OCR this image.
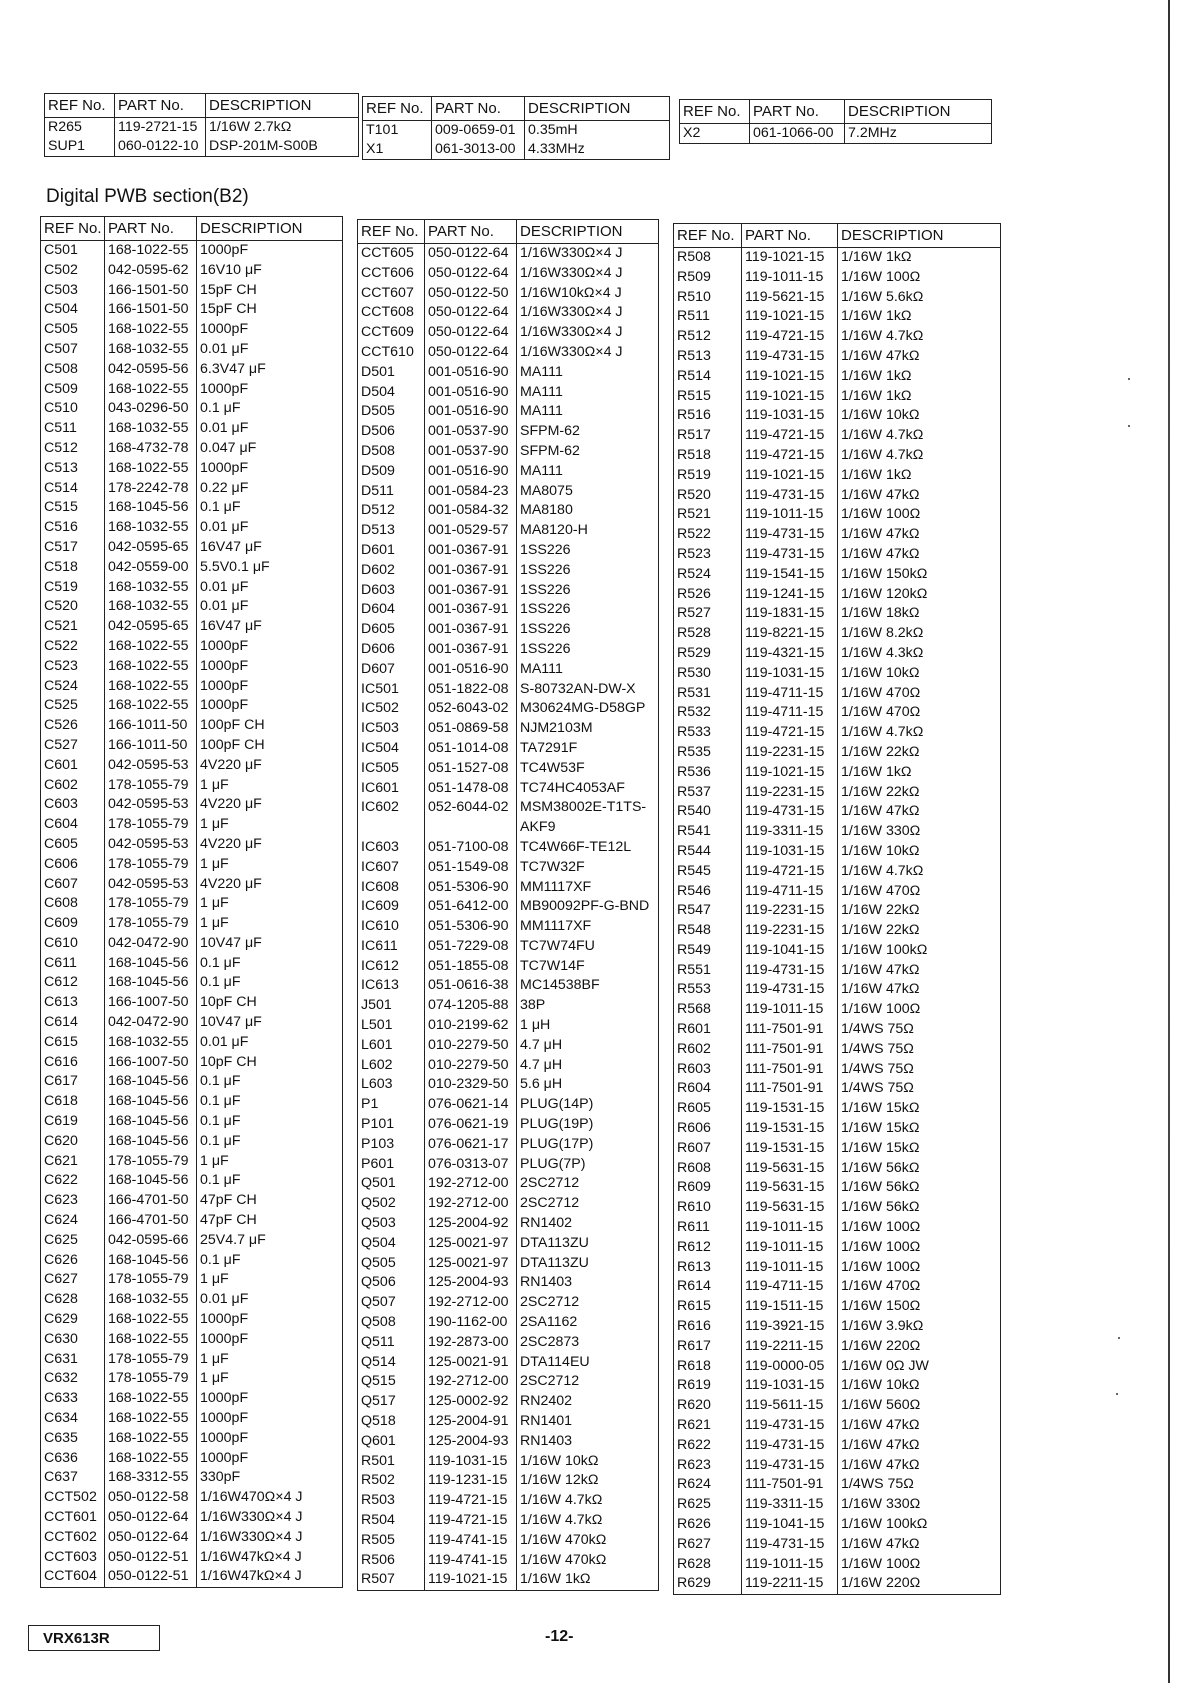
REF No.	PART No.	DESCRIPTION
R265	119-2721-15	1/16W 2.7kΩ
SUP1	060-0122-10	DSP-201M-S00B
REF No.	PART No.	DESCRIPTION
T101	009-0659-01	0.35mH
X1	061-3013-00	4.33MHz
REF No.	PART No.	DESCRIPTION
X2	061-1066-00	7.2MHz
Digital PWB section(B2)
REF No.	PART No.	DESCRIPTION
C501	168-1022-55	1000pF
C502	042-0595-62	16V10 μF
C503	166-1501-50	15pF CH
C504	166-1501-50	15pF CH
C505	168-1022-55	1000pF
C507	168-1032-55	0.01 μF
C508	042-0595-56	6.3V47 μF
C509	168-1022-55	1000pF
C510	043-0296-50	0.1 μF
C511	168-1032-55	0.01 μF
C512	168-4732-78	0.047 μF
C513	168-1022-55	1000pF
C514	178-2242-78	0.22 μF
C515	168-1045-56	0.1 μF
C516	168-1032-55	0.01 μF
C517	042-0595-65	16V47 μF
C518	042-0559-00	5.5V0.1 μF
C519	168-1032-55	0.01 μF
C520	168-1032-55	0.01 μF
C521	042-0595-65	16V47 μF
C522	168-1022-55	1000pF
C523	168-1022-55	1000pF
C524	168-1022-55	1000pF
C525	168-1022-55	1000pF
C526	166-1011-50	100pF CH
C527	166-1011-50	100pF CH
C601	042-0595-53	4V220 μF
C602	178-1055-79	1 μF
C603	042-0595-53	4V220 μF
C604	178-1055-79	1 μF
C605	042-0595-53	4V220 μF
C606	178-1055-79	1 μF
C607	042-0595-53	4V220 μF
C608	178-1055-79	1 μF
C609	178-1055-79	1 μF
C610	042-0472-90	10V47 μF
C611	168-1045-56	0.1 μF
C612	168-1045-56	0.1 μF
C613	166-1007-50	10pF CH
C614	042-0472-90	10V47 μF
C615	168-1032-55	0.01 μF
C616	166-1007-50	10pF CH
C617	168-1045-56	0.1 μF
C618	168-1045-56	0.1 μF
C619	168-1045-56	0.1 μF
C620	168-1045-56	0.1 μF
C621	178-1055-79	1 μF
C622	168-1045-56	0.1 μF
C623	166-4701-50	47pF CH
C624	166-4701-50	47pF CH
C625	042-0595-66	25V4.7 μF
C626	168-1045-56	0.1 μF
C627	178-1055-79	1 μF
C628	168-1032-55	0.01 μF
C629	168-1022-55	1000pF
C630	168-1022-55	1000pF
C631	178-1055-79	1 μF
C632	178-1055-79	1 μF
C633	168-1022-55	1000pF
C634	168-1022-55	1000pF
C635	168-1022-55	1000pF
C636	168-1022-55	1000pF
C637	168-3312-55	330pF
CCT502	050-0122-58	1/16W470Ω×4 J
CCT601	050-0122-64	1/16W330Ω×4 J
CCT602	050-0122-64	1/16W330Ω×4 J
CCT603	050-0122-51	1/16W47kΩ×4 J
CCT604	050-0122-51	1/16W47kΩ×4 J
REF No.	PART No.	DESCRIPTION
CCT605	050-0122-64	1/16W330Ω×4 J
CCT606	050-0122-64	1/16W330Ω×4 J
CCT607	050-0122-50	1/16W10kΩ×4 J
CCT608	050-0122-64	1/16W330Ω×4 J
CCT609	050-0122-64	1/16W330Ω×4 J
CCT610	050-0122-64	1/16W330Ω×4 J
D501	001-0516-90	MA111
D504	001-0516-90	MA111
D505	001-0516-90	MA111
D506	001-0537-90	SFPM-62
D508	001-0537-90	SFPM-62
D509	001-0516-90	MA111
D511	001-0584-23	MA8075
D512	001-0584-32	MA8180
D513	001-0529-57	MA8120-H
D601	001-0367-91	1SS226
D602	001-0367-91	1SS226
D603	001-0367-91	1SS226
D604	001-0367-91	1SS226
D605	001-0367-91	1SS226
D606	001-0367-91	1SS226
D607	001-0516-90	MA111
IC501	051-1822-08	S-80732AN-DW-X
IC502	052-6043-02	M30624MG-D58GP
IC503	051-0869-58	NJM2103M
IC504	051-1014-08	TA7291F
IC505	051-1527-08	TC4W53F
IC601	051-1478-08	TC74HC4053AF
IC602	052-6044-02	MSM38002E-T1TS-
		AKF9
IC603	051-7100-08	TC4W66F-TE12L
IC607	051-1549-08	TC7W32F
IC608	051-5306-90	MM1117XF
IC609	051-6412-00	MB90092PF-G-BND
IC610	051-5306-90	MM1117XF
IC611	051-7229-08	TC7W74FU
IC612	051-1855-08	TC7W14F
IC613	051-0616-38	MC14538BF
J501	074-1205-88	38P
L501	010-2199-62	1 μH
L601	010-2279-50	4.7 μH
L602	010-2279-50	4.7 μH
L603	010-2329-50	5.6 μH
P1	076-0621-14	PLUG(14P)
P101	076-0621-19	PLUG(19P)
P103	076-0621-17	PLUG(17P)
P601	076-0313-07	PLUG(7P)
Q501	192-2712-00	2SC2712
Q502	192-2712-00	2SC2712
Q503	125-2004-92	RN1402
Q504	125-0021-97	DTA113ZU
Q505	125-0021-97	DTA113ZU
Q506	125-2004-93	RN1403
Q507	192-2712-00	2SC2712
Q508	190-1162-00	2SA1162
Q511	192-2873-00	2SC2873
Q514	125-0021-91	DTA114EU
Q515	192-2712-00	2SC2712
Q517	125-0002-92	RN2402
Q518	125-2004-91	RN1401
Q601	125-2004-93	RN1403
R501	119-1031-15	1/16W 10kΩ
R502	119-1231-15	1/16W 12kΩ
R503	119-4721-15	1/16W 4.7kΩ
R504	119-4721-15	1/16W 4.7kΩ
R505	119-4741-15	1/16W 470kΩ
R506	119-4741-15	1/16W 470kΩ
R507	119-1021-15	1/16W 1kΩ
REF No.	PART No.	DESCRIPTION
R508	119-1021-15	1/16W 1kΩ
R509	119-1011-15	1/16W 100Ω
R510	119-5621-15	1/16W 5.6kΩ
R511	119-1021-15	1/16W 1kΩ
R512	119-4721-15	1/16W 4.7kΩ
R513	119-4731-15	1/16W 47kΩ
R514	119-1021-15	1/16W 1kΩ
R515	119-1021-15	1/16W 1kΩ
R516	119-1031-15	1/16W 10kΩ
R517	119-4721-15	1/16W 4.7kΩ
R518	119-4721-15	1/16W 4.7kΩ
R519	119-1021-15	1/16W 1kΩ
R520	119-4731-15	1/16W 47kΩ
R521	119-1011-15	1/16W 100Ω
R522	119-4731-15	1/16W 47kΩ
R523	119-4731-15	1/16W 47kΩ
R524	119-1541-15	1/16W 150kΩ
R526	119-1241-15	1/16W 120kΩ
R527	119-1831-15	1/16W 18kΩ
R528	119-8221-15	1/16W 8.2kΩ
R529	119-4321-15	1/16W 4.3kΩ
R530	119-1031-15	1/16W 10kΩ
R531	119-4711-15	1/16W 470Ω
R532	119-4711-15	1/16W 470Ω
R533	119-4721-15	1/16W 4.7kΩ
R535	119-2231-15	1/16W 22kΩ
R536	119-1021-15	1/16W 1kΩ
R537	119-2231-15	1/16W 22kΩ
R540	119-4731-15	1/16W 47kΩ
R541	119-3311-15	1/16W 330Ω
R544	119-1031-15	1/16W 10kΩ
R545	119-4721-15	1/16W 4.7kΩ
R546	119-4711-15	1/16W 470Ω
R547	119-2231-15	1/16W 22kΩ
R548	119-2231-15	1/16W 22kΩ
R549	119-1041-15	1/16W 100kΩ
R551	119-4731-15	1/16W 47kΩ
R553	119-4731-15	1/16W 47kΩ
R568	119-1011-15	1/16W 100Ω
R601	111-7501-91	1/4WS 75Ω
R602	111-7501-91	1/4WS 75Ω
R603	111-7501-91	1/4WS 75Ω
R604	111-7501-91	1/4WS 75Ω
R605	119-1531-15	1/16W 15kΩ
R606	119-1531-15	1/16W 15kΩ
R607	119-1531-15	1/16W 15kΩ
R608	119-5631-15	1/16W 56kΩ
R609	119-5631-15	1/16W 56kΩ
R610	119-5631-15	1/16W 56kΩ
R611	119-1011-15	1/16W 100Ω
R612	119-1011-15	1/16W 100Ω
R613	119-1011-15	1/16W 100Ω
R614	119-4711-15	1/16W 470Ω
R615	119-1511-15	1/16W 150Ω
R616	119-3921-15	1/16W 3.9kΩ
R617	119-2211-15	1/16W 220Ω
R618	119-0000-05	1/16W 0Ω JW
R619	119-1031-15	1/16W 10kΩ
R620	119-5611-15	1/16W 560Ω
R621	119-4731-15	1/16W 47kΩ
R622	119-4731-15	1/16W 47kΩ
R623	119-4731-15	1/16W 47kΩ
R624	111-7501-91	1/4WS 75Ω
R625	119-3311-15	1/16W 330Ω
R626	119-1041-15	1/16W 100kΩ
R627	119-4731-15	1/16W 47kΩ
R628	119-1011-15	1/16W 100Ω
R629	119-2211-15	1/16W 220Ω
VRX613R	-12-
